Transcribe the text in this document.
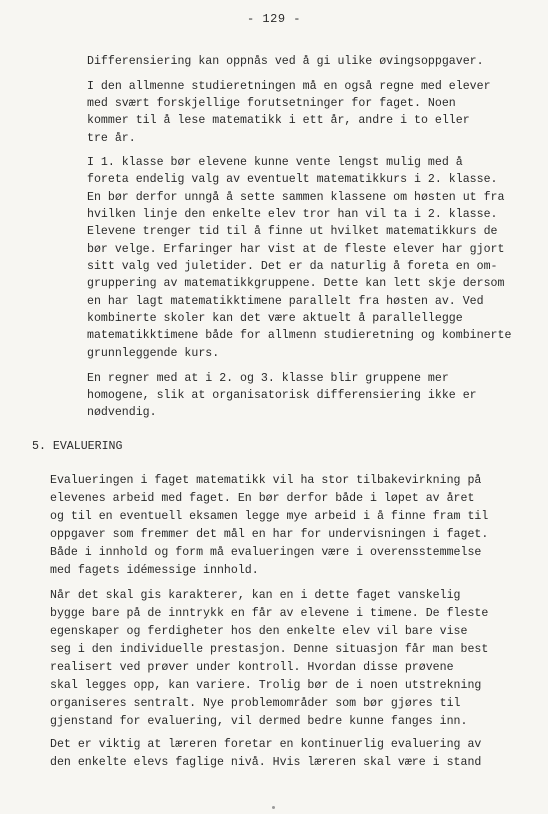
- 129 -
Differensiering kan oppnås ved å gi ulike øvingsoppgaver.
I den allmenne studieretningen må en også regne med elever
med svært forskjellige forutsetninger for faget. Noen
kommer til å lese matematikk i ett år, andre i to eller
tre år.
I 1. klasse bør elevene kunne vente lengst mulig med å
foreta endelig valg av eventuelt matematikkurs i 2. klasse.
En bør derfor unngå å sette sammen klassene om høsten ut fra
hvilken linje den enkelte elev tror han vil ta i 2. klasse.
Elevene trenger tid til å finne ut hvilket matematikkurs de
bør velge. Erfaringer har vist at de fleste elever har gjort
sitt valg ved juletider. Det er da naturlig å foreta en om-
gruppering av matematikkgruppene. Dette kan lett skje dersom
en har lagt matematikktimene parallelt fra høsten av. Ved
kombinerte skoler kan det være aktuelt å parallellegge
matematikktimene både for allmenn studieretning og kombinerte
grunnleggende kurs.
En regner med at i 2. og 3. klasse blir gruppene mer
homogene, slik at organisatorisk differensiering ikke er
nødvendig.
5. EVALUERING
Evalueringen i faget matematikk vil ha stor tilbakevirkning på
elevenes arbeid med faget. En bør derfor både i løpet av året
og til en eventuell eksamen legge mye arbeid i å finne fram til
oppgaver som fremmer det mål en har for undervisningen i faget.
Både i innhold og form må evalueringen være i overensstemmelse
med fagets idémessige innhold.
Når det skal gis karakterer, kan en i dette faget vanskelig
bygge bare på de inntrykk en får av elevene i timene. De fleste
egenskaper og ferdigheter hos den enkelte elev vil bare vise
seg i den individuelle prestasjon. Denne situasjon får man best
realisert ved prøver under kontroll. Hvordan disse prøvene
skal legges opp, kan variere. Trolig bør de i noen utstrekning
organiseres sentralt. Nye problemområder som bør gjøres til
gjenstand for evaluering, vil dermed bedre kunne fanges inn.
Det er viktig at læreren foretar en kontinuerlig evaluering av
den enkelte elevs faglige nivå. Hvis læreren skal være i stand
